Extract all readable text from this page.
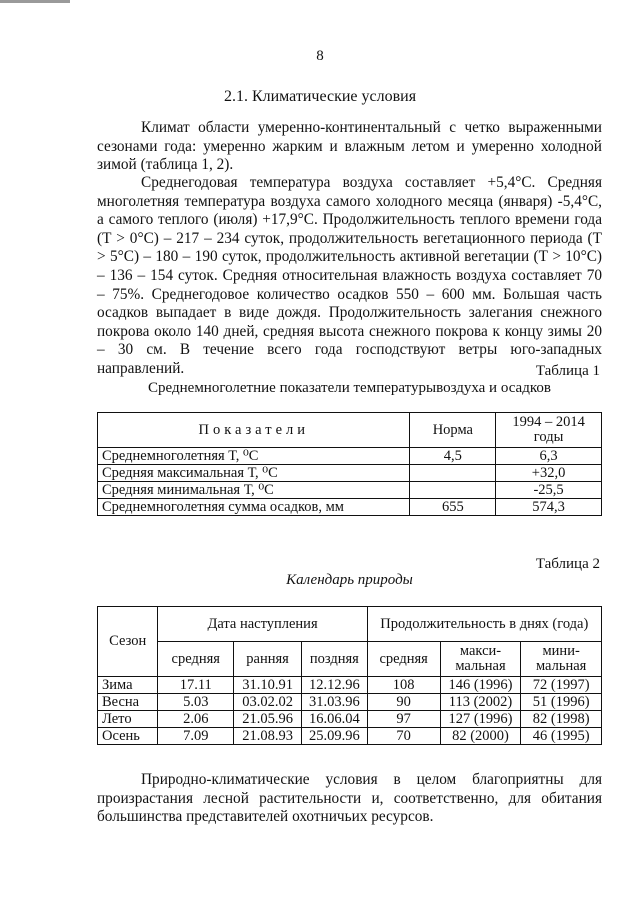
8
2.1. Климатические условия

Климат области умеренно-континентальный с четко выраженными сезонами года: умеренно жарким и влажным летом и умеренно холодной зимой (таблица 1, 2).

Среднегодовая температура воздуха составляет +5,4°С. Средняя многолетняя температура воздуха самого холодного месяца (января) -5,4°С, а самого теплого (июля) +17,9°С. Продолжительность теплого времени года (Т > 0°С) – 217 – 234 суток, продолжительность вегетационного периода (Т > 5°С) – 180 – 190 суток, продолжительность активной вегетации (Т > 10°С) – 136 – 154 суток. Средняя относительная влажность воздуха составляет 70 – 75%. Среднегодовое количество осадков 550 – 600 мм. Большая часть осадков выпадает в виде дождя. Продолжительность залегания снежного покрова около 140 дней, средняя высота снежного покрова к концу зимы 20 – 30 см. В течение всего года господствуют ветры юго-западных направлений.	Таблица 1
Среднемноголетние показатели температурывоздуха и осадков
Показатели	Норма	1994 – 2014 годы
Среднемноголетняя Т, ⁰С	4,5	6,3
Средняя максимальная Т, ⁰С		+32,0
Средняя минимальная Т, ⁰С		-25,5
Среднемноголетняя сумма осадков, мм	655	574,3
Таблица 2
Календарь природы
Сезон	Дата наступления			Продолжительность в днях (года)		
	средняя	ранняя	поздняя	средняя	макси-мальная	мини-мальная
Зима	17.11	31.10.91	12.12.96	108	146 (1996)	72 (1997)
Весна	5.03	03.02.02	31.03.96	90	113 (2002)	51 (1996)
Лето	2.06	21.05.96	16.06.04	97	127 (1996)	82 (1998)
Осень	7.09	21.08.93	25.09.96	70	82 (2000)	46 (1995)

Природно-климатические условия в целом благоприятны для произрастания лесной растительности и, соответственно, для обитания большинства представителей охотничьих ресурсов.
